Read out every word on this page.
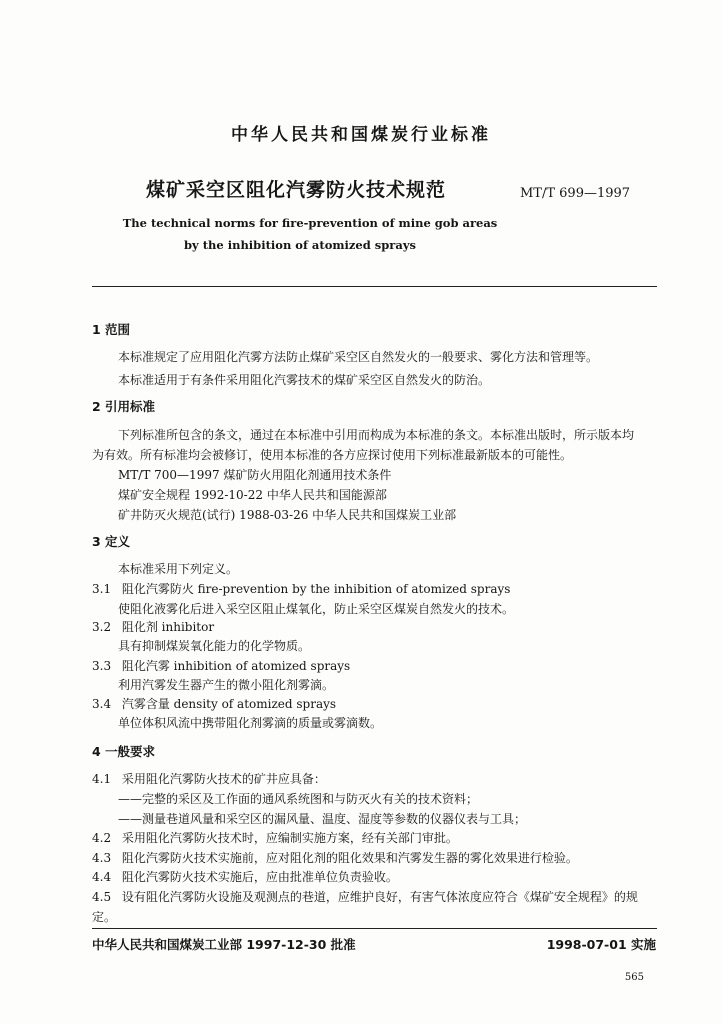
中华人民共和国煤炭行业标准
煤矿采空区阻化汽雾防火技术规范	MT/T 699—1997
The technical norms for fire-prevention of mine gob areas
by the inhibition of atomized sprays
1 范围
本标准规定了应用阻化汽雾方法防止煤矿采空区自然发火的一般要求、雾化方法和管理等。
本标准适用于有条件采用阻化汽雾技术的煤矿采空区自然发火的防治。
2 引用标准
下列标准所包含的条文，通过在本标准中引用而构成为本标准的条文。本标准出版时，所示版本均
为有效。所有标准均会被修订，使用本标准的各方应探讨使用下列标准最新版本的可能性。
MT/T 700—1997 煤矿防火用阻化剂通用技术条件
煤矿安全规程 1992-10-22 中华人民共和国能源部
矿井防灭火规范(试行) 1988-03-26 中华人民共和国煤炭工业部
3 定义
本标准采用下列定义。
3.1 阻化汽雾防火 fire-prevention by the inhibition of atomized sprays
使阻化液雾化后进入采空区阻止煤氧化，防止采空区煤炭自然发火的技术。
3.2 阻化剂 inhibitor
具有抑制煤炭氧化能力的化学物质。
3.3 阻化汽雾 inhibition of atomized sprays
利用汽雾发生器产生的微小阻化剂雾滴。
3.4 汽雾含量 density of atomized sprays
单位体积风流中携带阻化剂雾滴的质量或雾滴数。
4 一般要求
4.1 采用阻化汽雾防火技术的矿井应具备：
——完整的采区及工作面的通风系统图和与防灭火有关的技术资料；
——测量巷道风量和采空区的漏风量、温度、湿度等参数的仪器仪表与工具；
4.2 采用阻化汽雾防火技术时，应编制实施方案，经有关部门审批。
4.3 阻化汽雾防火技术实施前，应对阻化剂的阻化效果和汽雾发生器的雾化效果进行检验。
4.4 阻化汽雾防火技术实施后，应由批准单位负责验收。
4.5 设有阻化汽雾防火设施及观测点的巷道，应维护良好，有害气体浓度应符合《煤矿安全规程》的规
定。
中华人民共和国煤炭工业部 1997-12-30 批准	1998-07-01 实施
565
